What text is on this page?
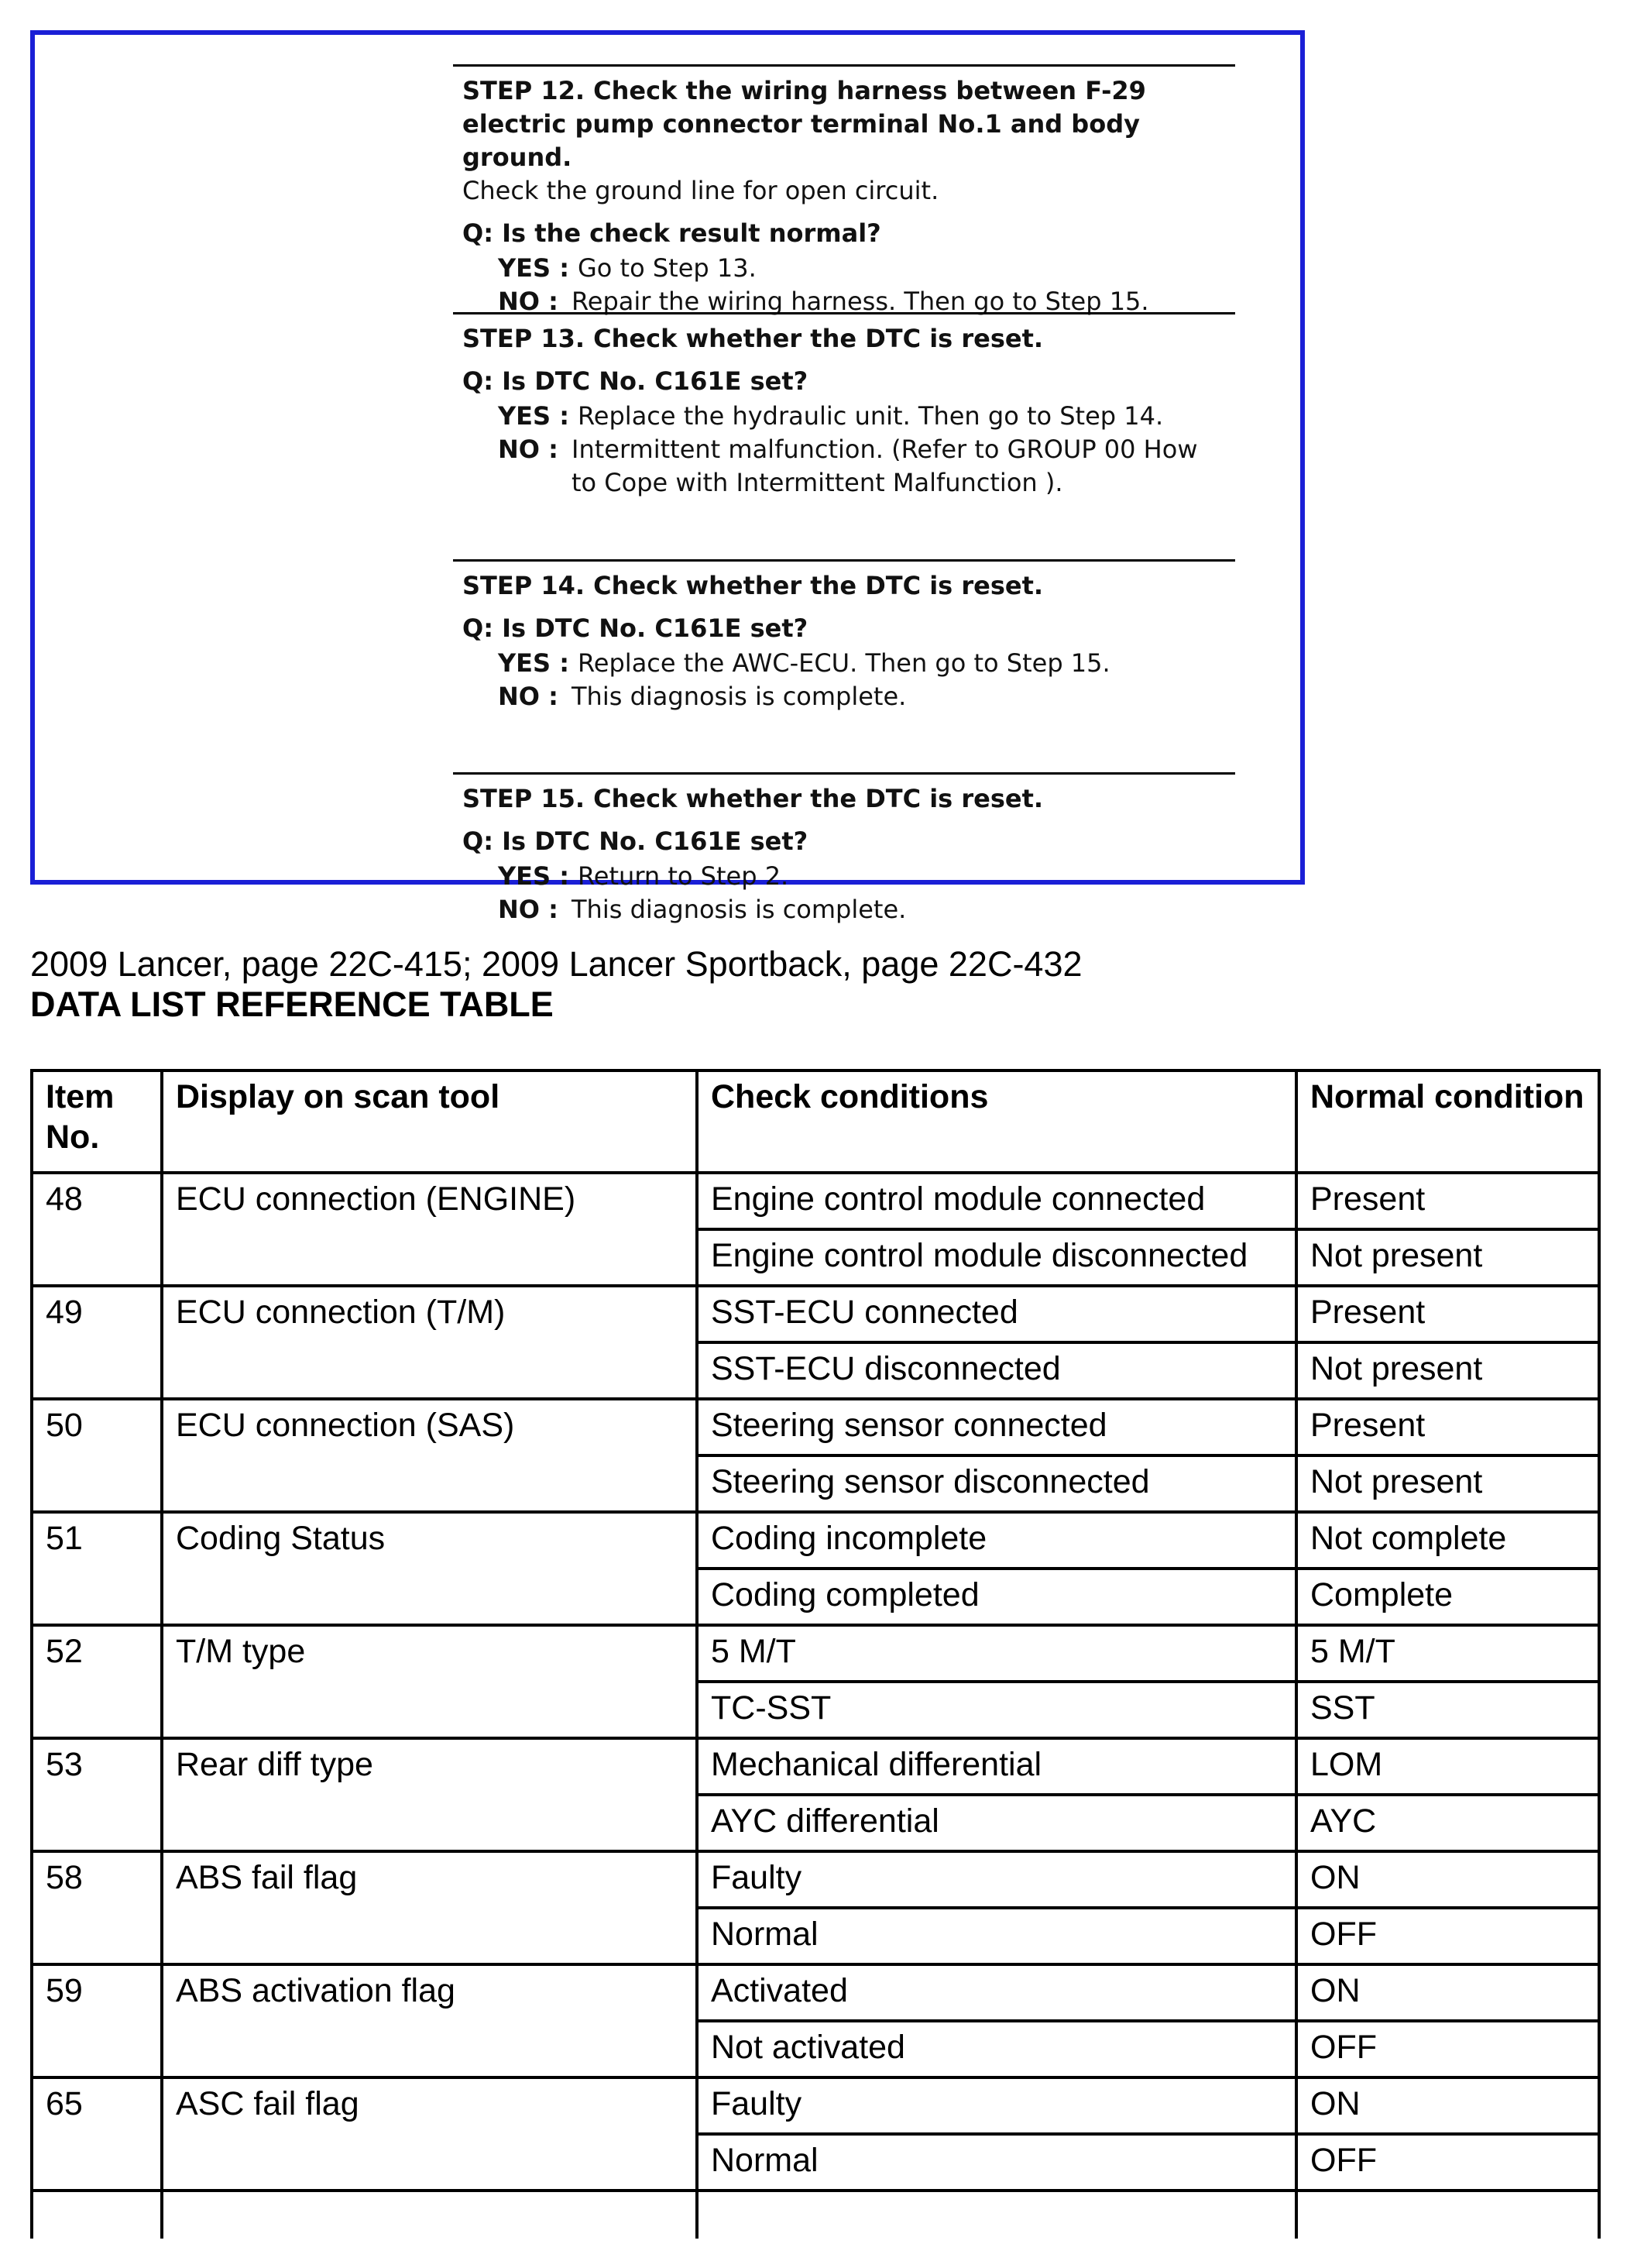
STEP 12. Check the wiring harness between F-29 electric pump connector terminal No.1 and body ground.

Check the ground line for open circuit.

Q: Is the check result normal?

YES : Go to Step 13.
NO : Repair the wiring harness. Then go to Step 15.
STEP 13. Check whether the DTC is reset.

Q: Is DTC No. C161E set?

YES : Replace the hydraulic unit. Then go to Step 14.
NO : Intermittent malfunction. (Refer to GROUP 00 How to Cope with Intermittent Malfunction ).
STEP 14. Check whether the DTC is reset.

Q: Is DTC No. C161E set?

YES : Replace the AWC-ECU. Then go to Step 15.
NO : This diagnosis is complete.
STEP 15. Check whether the DTC is reset.

Q: Is DTC No. C161E set?

YES : Return to Step 2.
NO : This diagnosis is complete.
2009 Lancer, page 22C-415; 2009 Lancer Sportback, page 22C-432
DATA LIST REFERENCE TABLE
Item No.	Display on scan tool	Check conditions	Normal condition
48	ECU connection (ENGINE)	Engine control module connected	Present
		Engine control module disconnected	Not present
49	ECU connection (T/M)	SST-ECU connected	Present
		SST-ECU disconnected	Not present
50	ECU connection (SAS)	Steering sensor connected	Present
		Steering sensor disconnected	Not present
51	Coding Status	Coding incomplete	Not complete
		Coding completed	Complete
52	T/M type	5 M/T	5 M/T
		TC-SST	SST
53	Rear diff type	Mechanical differential	LOM
		AYC differential	AYC
58	ABS fail flag	Faulty	ON
		Normal	OFF
59	ABS activation flag	Activated	ON
		Not activated	OFF
65	ASC fail flag	Faulty	ON
		Normal	OFF
